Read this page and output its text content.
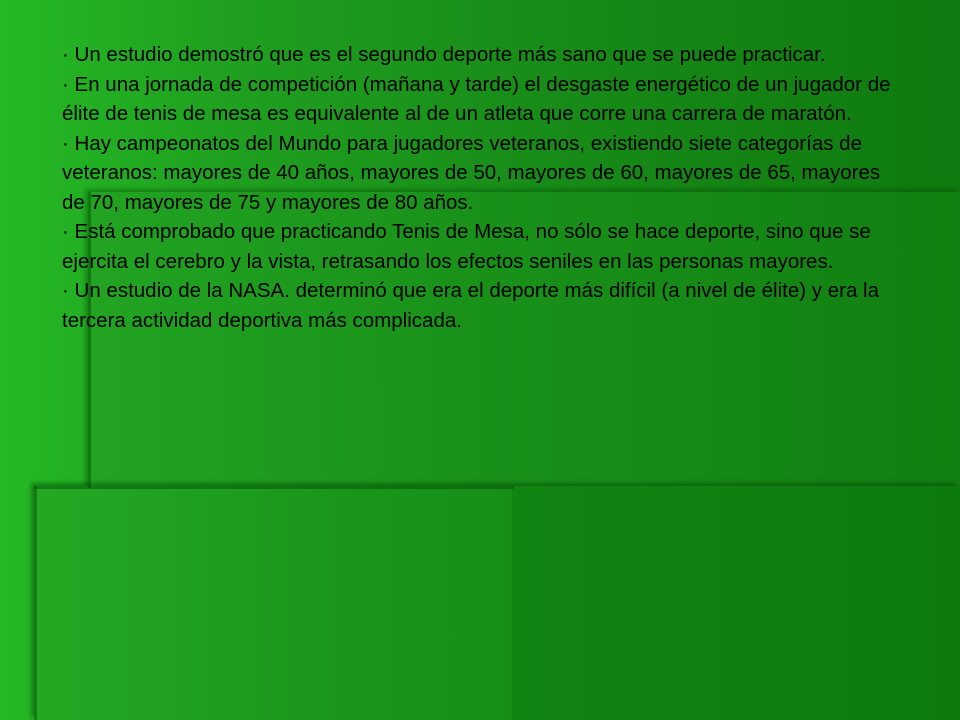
· Un estudio demostró que es el segundo deporte más sano que se puede practicar.

· En una jornada de competición (mañana y tarde) el desgaste energético de un jugador de élite de tenis de mesa es equivalente al de un atleta que corre una carrera de maratón.

· Hay campeonatos del Mundo para jugadores veteranos, existiendo siete categorías de veteranos: mayores de 40 años, mayores de 50, mayores de 60, mayores de 65, mayores de 70, mayores de 75 y mayores de 80 años.

· Está comprobado que practicando Tenis de Mesa, no sólo se hace deporte, sino que se ejercita el cerebro y la vista, retrasando los efectos seniles en las personas mayores.

· Un estudio de la NASA. determinó que era el deporte más difícil (a nivel de élite) y era la tercera actividad deportiva más complicada.
